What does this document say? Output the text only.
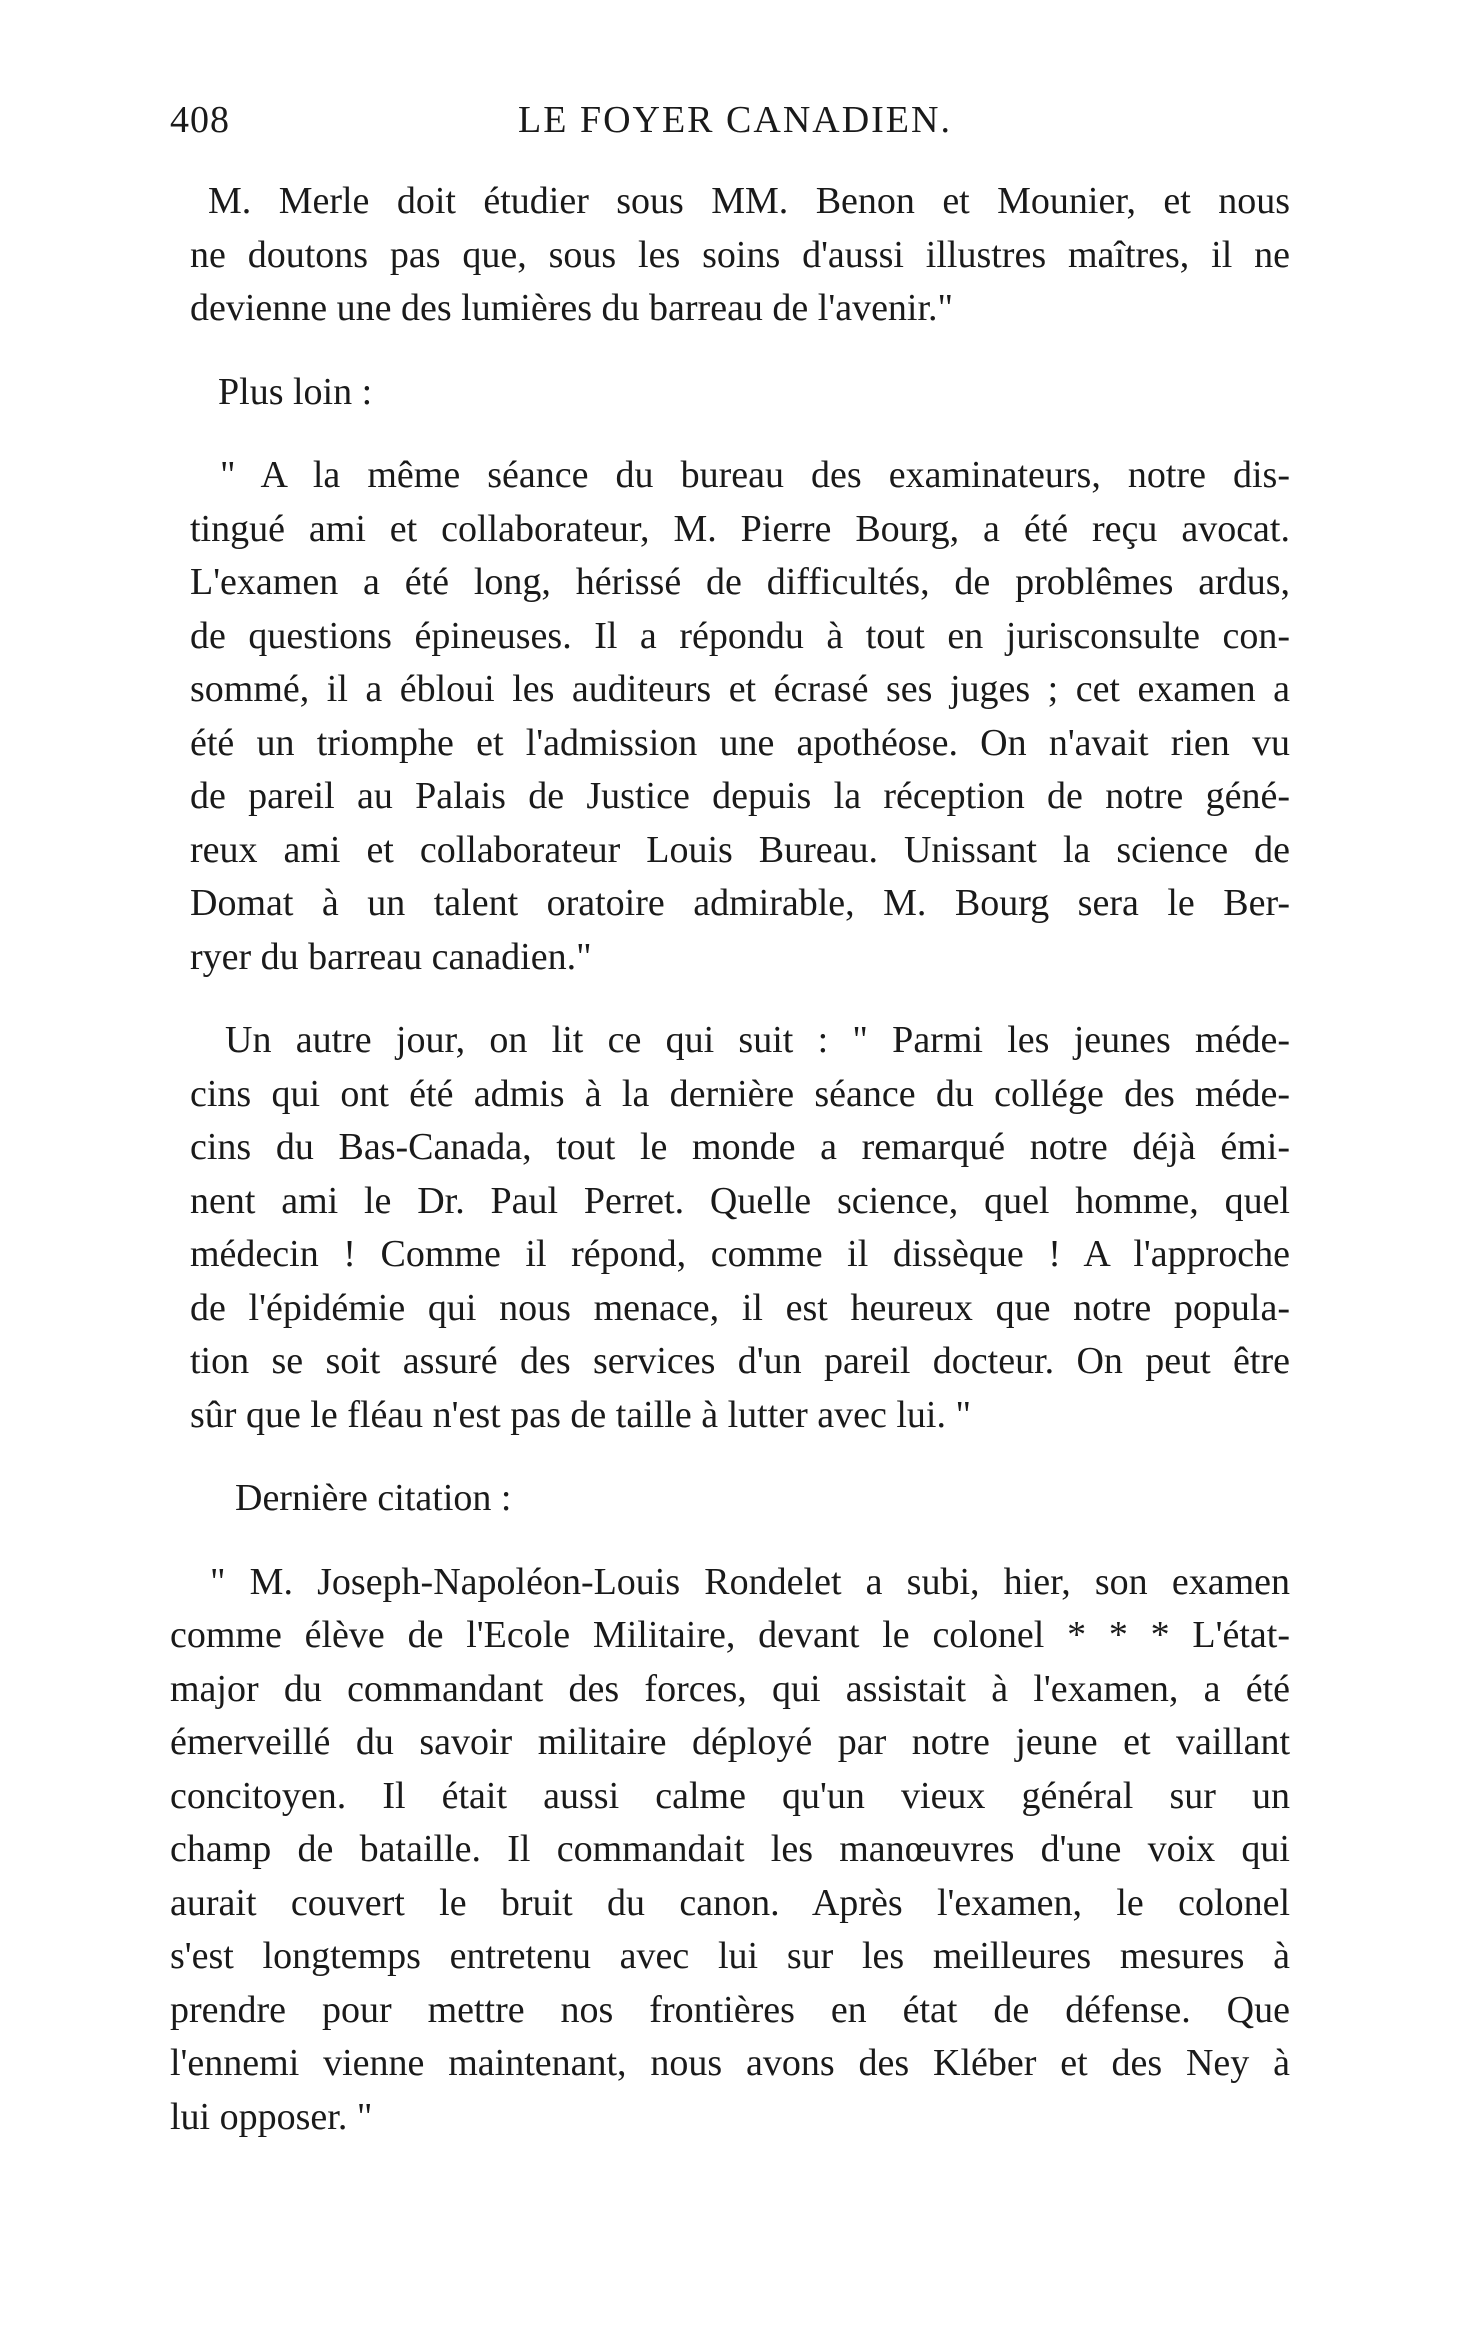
408	LE FOYER CANADIEN.
M. Merle doit étudier sous MM. Benon et Mounier, et nous
ne doutons pas que, sous les soins d'aussi illustres maîtres, il ne
devienne une des lumières du barreau de l'avenir."
Plus loin :
" A la même séance du bureau des examinateurs, notre dis-
tingué ami et collaborateur, M. Pierre Bourg, a été reçu avocat.
L'examen a été long, hérissé de difficultés, de problêmes ardus,
de questions épineuses. Il a répondu à tout en jurisconsulte con-
sommé, il a ébloui les auditeurs et écrasé ses juges ; cet examen a
été un triomphe et l'admission une apothéose. On n'avait rien vu
de pareil au Palais de Justice depuis la réception de notre géné-
reux ami et collaborateur Louis Bureau. Unissant la science de
Domat à un talent oratoire admirable, M. Bourg sera le Ber-
ryer du barreau canadien."
Un autre jour, on lit ce qui suit : " Parmi les jeunes méde-
cins qui ont été admis à la dernière séance du collége des méde-
cins du Bas-Canada, tout le monde a remarqué notre déjà émi-
nent ami le Dr. Paul Perret. Quelle science, quel homme, quel
médecin ! Comme il répond, comme il dissèque ! A l'approche
de l'épidémie qui nous menace, il est heureux que notre popula-
tion se soit assuré des services d'un pareil docteur. On peut être
sûr que le fléau n'est pas de taille à lutter avec lui. "
Dernière citation :
" M. Joseph-Napoléon-Louis Rondelet a subi, hier, son examen
comme élève de l'Ecole Militaire, devant le colonel * * * L'état-
major du commandant des forces, qui assistait à l'examen, a été
émerveillé du savoir militaire déployé par notre jeune et vaillant
concitoyen. Il était aussi calme qu'un vieux général sur un
champ de bataille. Il commandait les manœuvres d'une voix qui
aurait couvert le bruit du canon. Après l'examen, le colonel
s'est longtemps entretenu avec lui sur les meilleures mesures à
prendre pour mettre nos frontières en état de défense. Que
l'ennemi vienne maintenant, nous avons des Kléber et des Ney à
lui opposer. "
